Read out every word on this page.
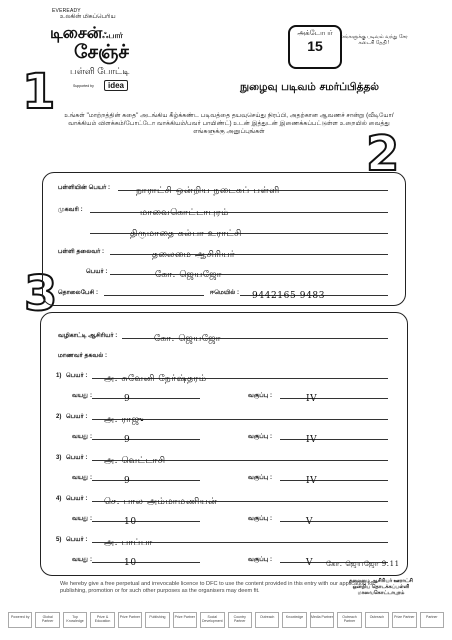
EVEREADY
உலகின் மிகப்பெரிய
டிசைன்ஃபார்
சேஞ்ச்
பள்ளி போட்டி
Supported by	idea
அக்டோபர்
15
எங்களுக்கு படிவம் வந்து சேர கடைசி தேதி !
நுழைவு படிவம் சமர்ப்பித்தல்
1
2
3
உங்கள் "மாற்றத்தின் கதை" அடங்கிய கீழ்க்கண்ட படிவத்தை தயவுசெய்து நிரப்பி, அதற்கான ஆவணச் சான்று (வீடியோ/வாக்கியம் விளக்கம்/போட்டோ வாக்கியம்/பவர் பாயிண்ட்) உடன் இத்துடன் இணைக்கப்பட்டுள்ள உறையில் வைத்து எங்களுக்கு அனுப்புங்கள்
பள்ளியின் பெயர் :	நாராட்சி ஒன்றிய நடைகப் பள்ளி
முகவரி :	மாவைகொட்டாபுரம்
திருமாதை கல்பா உராட்சி
பள்ளி தலைவர் :	தலைமை ஆசிரியர்
பெயர் :	கோ. ஜெயஜோ
தொலைபேசி :	ஈமெயில் :	9442165 9483
வழிகாட்டி ஆசிரியர் :	கோ. ஜெயஜோ
மாணவர் தகவல் :
1) பெயர் :	அ. சுவேனி நேர்ஷ்தரம்
வயது :	9	வகுப்பு :	IV
2) பெயர் :	அ. ராஜு
வயது :	9	வகுப்பு :	IV
3) பெயர் :	அ. வெட்டாசி
வயது :	9	வகுப்பு :	IV
4) பெயர் :	செ. பால அம்மாமணியன்
வயது :	10	வகுப்பு :	V
5) பெயர் :	அ. பாப்பா
வயது :	10	வகுப்பு :	V	கோ. ஜெயஜோ 9.11
தலைமை ஆசிரியர் ஊராட்சி ஒன்றிய தொடக்கப்பள்ளி மாவைகொட்டாபுரம்
We hereby give a free perpetual and irrevocable licence to DFC to use the content provided in this entry with our application for publishing, promotion or for such other purposes as the organisers may deem fit.
Powered by	Global Partner
Top Knowledge
Prize & Education
Prize Partner	Publishing	Prize Partner	Social Development
Country Partner
Outreach	Knowledge	Media Partner	Outreach Partner
Outreach	Prize Partner	Partner
